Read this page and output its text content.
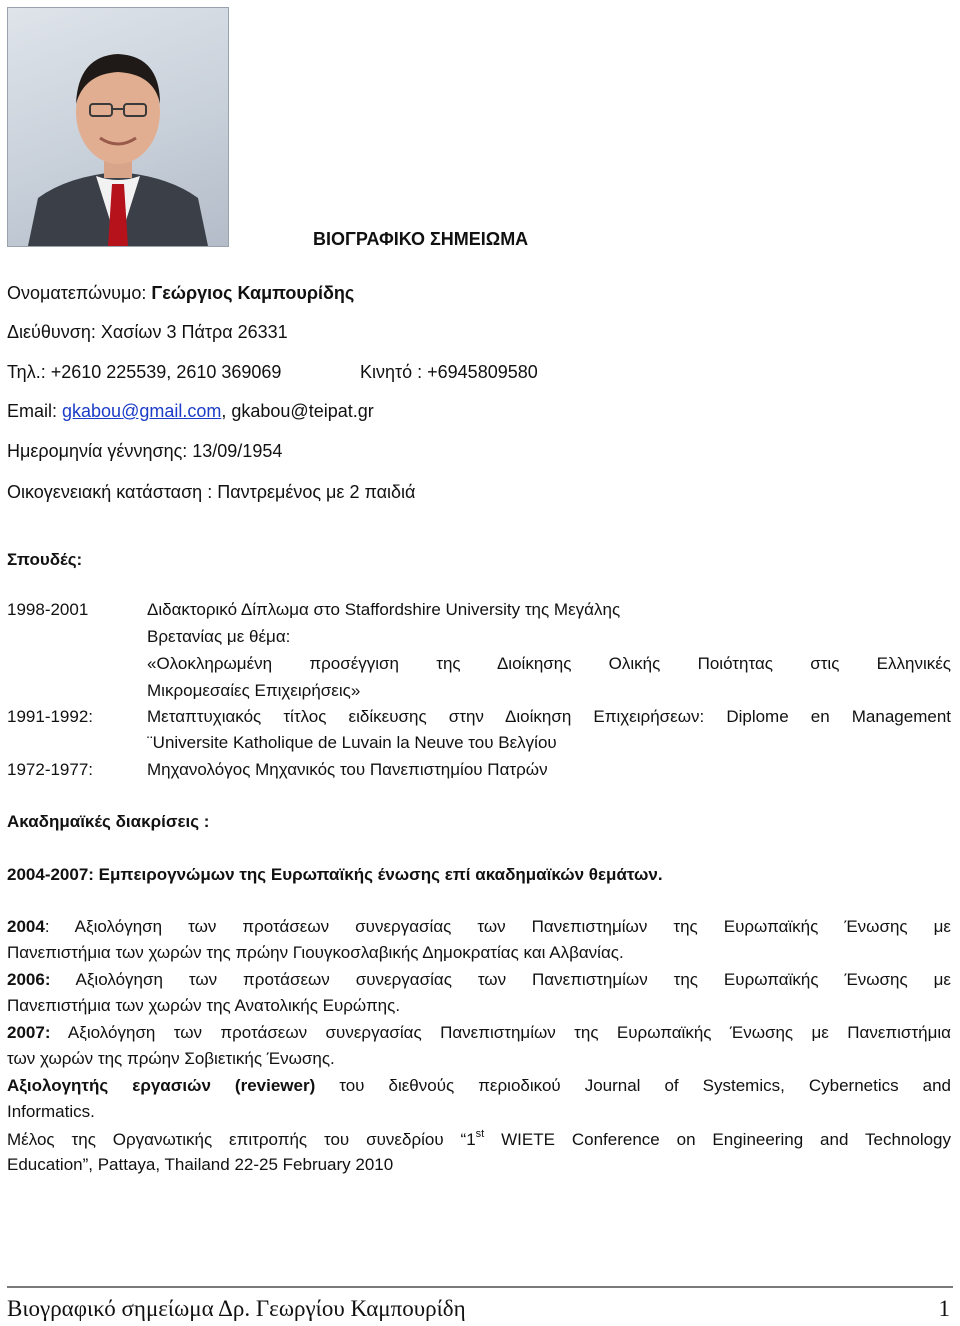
ΒΙΟΓΡΑΦΙΚΟ ΣΗΜΕΙΩΜΑ
Ονοματεπώνυμο: Γεώργιος Καμπουρίδης
Διεύθυνση: Χασίων 3 Πάτρα 26331
Τηλ.: +2610 225539, 2610 369069	Κινητό : +6945809580
Email: gkabou@gmail.com, gkabou@teipat.gr
Ημερομηνία γέννησης: 13/09/1954
Οικογενειακή κατάσταση : Παντρεμένος με 2 παιδιά
Σπουδές:
1998-2001	Διδακτορικό Δίπλωμα στο Staffordshire University της Μεγάλης
Βρετανίας με θέμα:
«Ολοκληρωμένη προσέγγιση της Διοίκησης Ολικής Ποιότητας στις Ελληνικές
Μικρομεσαίες Επιχειρήσεις»
1991-1992:	Μεταπτυχιακός τίτλος ειδίκευσης στην Διοίκηση Επιχειρήσεων: Diplome en Management
¨Universite Katholique de Luvain la Neuve του Βελγίου
1972-1977:	Μηχανολόγος Μηχανικός του Πανεπιστημίου Πατρών
Ακαδημαϊκές διακρίσεις :
2004-2007: Εμπειρογνώμων της Ευρωπαϊκής ένωσης επί ακαδημαϊκών θεμάτων.
2004: Αξιολόγηση των προτάσεων συνεργασίας των Πανεπιστημίων της Ευρωπαϊκής Ένωσης με
Πανεπιστήμια των χωρών της πρώην Γιουγκοσλαβικής Δημοκρατίας και Αλβανίας.
2006: Αξιολόγηση των προτάσεων συνεργασίας των Πανεπιστημίων της Ευρωπαϊκής Ένωσης με
Πανεπιστήμια των χωρών της Ανατολικής Ευρώπης.
2007: Αξιολόγηση των προτάσεων συνεργασίας Πανεπιστημίων της Ευρωπαϊκής Ένωσης με Πανεπιστήμια
των χωρών της πρώην Σοβιετικής Ένωσης.
Αξιολογητής εργασιών (reviewer) του διεθνούς περιοδικού Journal of Systemics, Cybernetics and
Informatics.
Μέλος της Οργανωτικής επιτροπής του συνεδρίου “1st WIETE Conference on Engineering and Technology
Education”, Pattaya, Thailand 22-25 February 2010
Βιογραφικό σημείωμα Δρ. Γεωργίου Καμπουρίδη	1
